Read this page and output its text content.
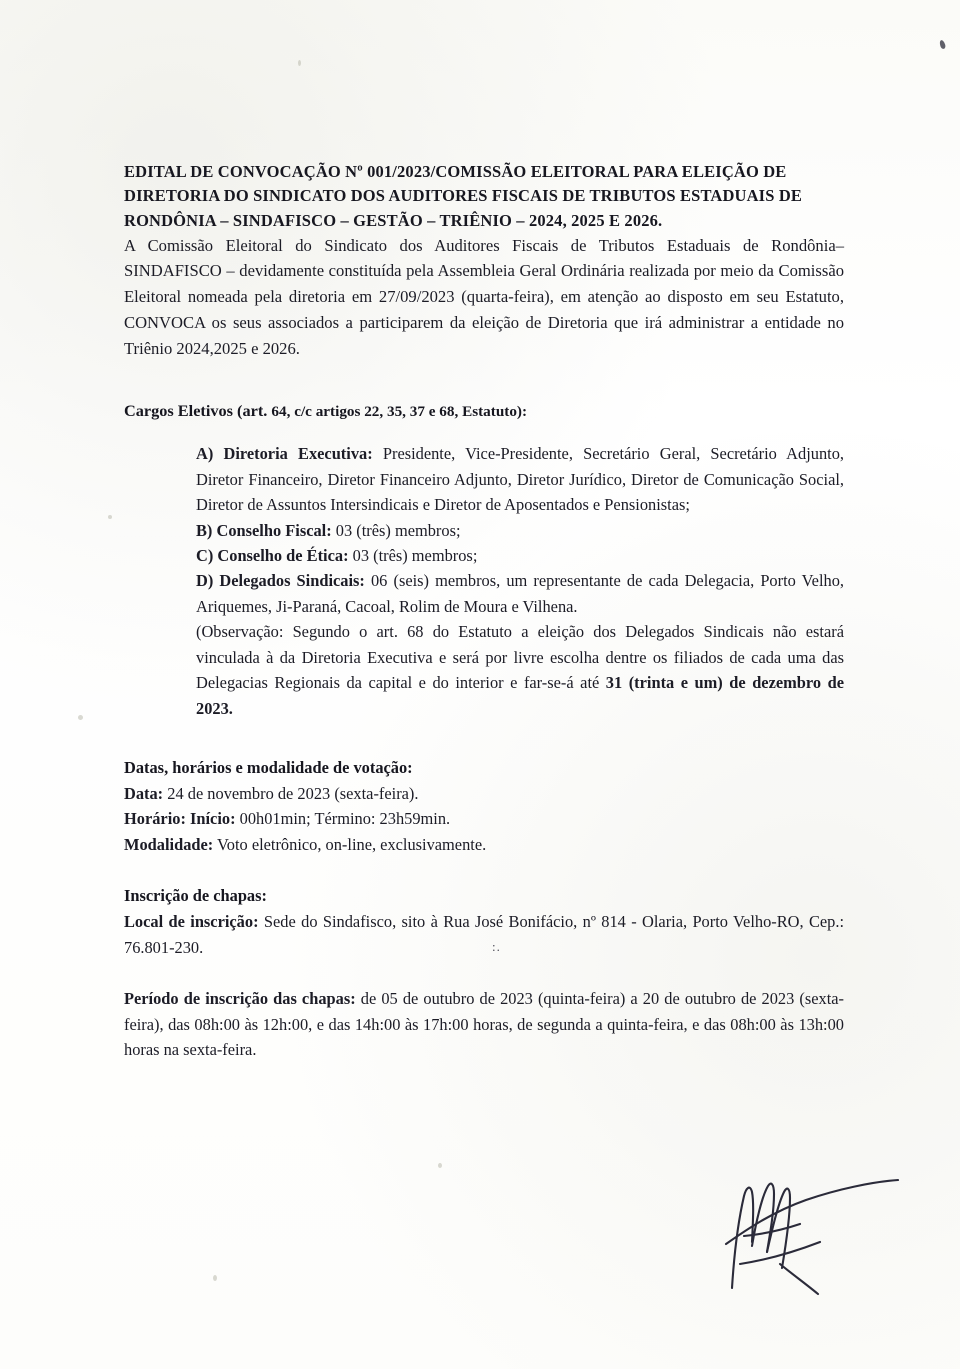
EDITAL DE CONVOCAÇÃO Nº 001/2023/COMISSÃO ELEITORAL PARA ELEIÇÃO DE
DIRETORIA DO SINDICATO DOS AUDITORES FISCAIS DE TRIBUTOS ESTADUAIS DE
RONDÔNIA – SINDAFISCO – GESTÃO – TRIÊNIO – 2024, 2025 E 2026.

A Comissão Eleitoral do Sindicato dos Auditores Fiscais de Tributos Estaduais de Rondônia– SINDAFISCO – devidamente constituída pela Assembleia Geral Ordinária realizada por meio da Comissão Eleitoral nomeada pela diretoria em 27/09/2023 (quarta-feira), em atenção ao disposto em seu Estatuto, CONVOCA os seus associados a participarem da eleição de Diretoria que irá administrar a entidade no Triênio 2024,2025 e 2026.

Cargos Eletivos (art. 64, c/c artigos 22, 35, 37 e 68, Estatuto):

A) Diretoria Executiva: Presidente, Vice-Presidente, Secretário Geral, Secretário Adjunto, Diretor Financeiro, Diretor Financeiro Adjunto, Diretor Jurídico, Diretor de Comunicação Social, Diretor de Assuntos Intersindicais e Diretor de Aposentados e Pensionistas;

B) Conselho Fiscal: 03 (três) membros;

C) Conselho de Ética: 03 (três) membros;

D) Delegados Sindicais: 06 (seis) membros, um representante de cada Delegacia, Porto Velho, Ariquemes, Ji-Paraná, Cacoal, Rolim de Moura e Vilhena.

(Observação: Segundo o art. 68 do Estatuto a eleição dos Delegados Sindicais não estará vinculada à da Diretoria Executiva e será por livre escolha dentre os filiados de cada uma das Delegacias Regionais da capital e do interior e far-se-á até 31 (trinta e um) de dezembro de 2023.

Datas, horários e modalidade de votação:

Data: 24 de novembro de 2023 (sexta-feira).

Horário: Início: 00h01min; Término: 23h59min.

Modalidade: Voto eletrônico, on-line, exclusivamente.

Inscrição de chapas:

Local de inscrição: Sede do Sindafisco, sito à Rua José Bonifácio, nº 814 - Olaria, Porto Velho-RO, Cep.: 76.801-230.

Período de inscrição das chapas: de 05 de outubro de 2023 (quinta-feira) a 20 de outubro de 2023 (sexta-feira), das 08h:00 às 12h:00, e das 14h:00 às 17h:00 horas, de segunda a quinta-feira, e das 08h:00 às 13h:00 horas na sexta-feira.

:.
